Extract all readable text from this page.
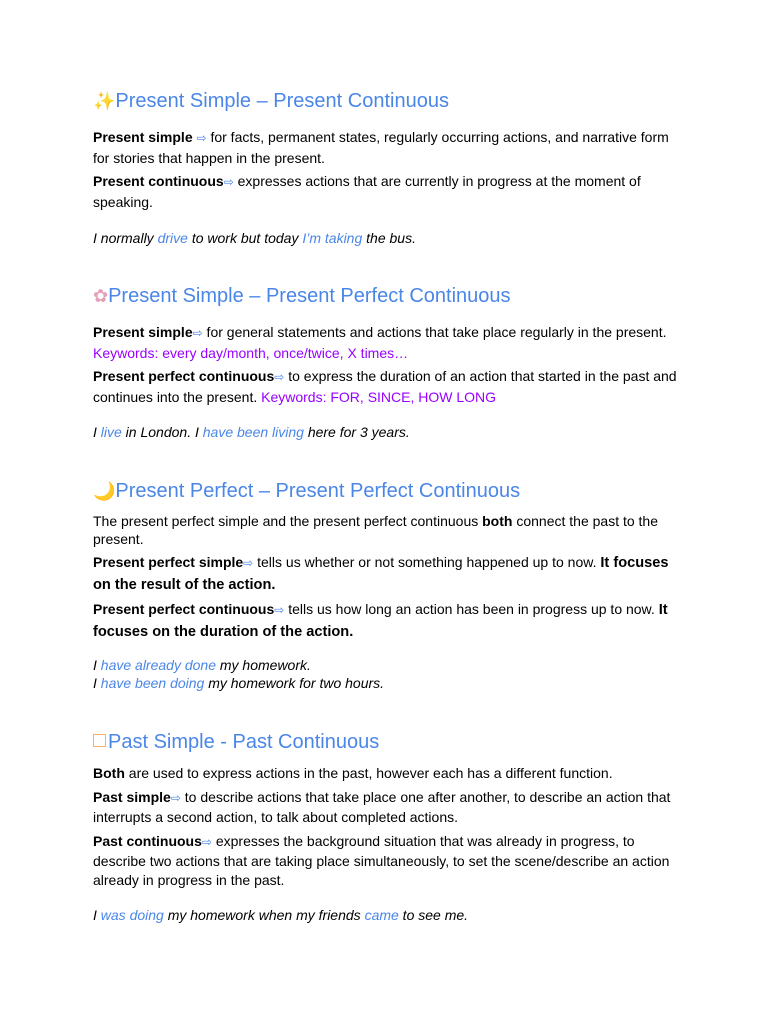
✨Present Simple – Present Continuous

Present simple ⇨ for facts, permanent states, regularly occurring actions, and narrative form for stories that happen in the present.

Present continuous⇨ expresses actions that are currently in progress at the moment of speaking.

I normally drive to work but today I’m taking the bus.

✿Present Simple – Present Perfect Continuous

Present simple⇨ for general statements and actions that take place regularly in the present. Keywords: every day/month, once/twice, X times…

Present perfect continuous⇨ to express the duration of an action that started in the past and continues into the present. Keywords: FOR, SINCE, HOW LONG

I live in London. I have been living here for 3 years.

🌙Present Perfect – Present Perfect Continuous

The present perfect simple and the present perfect continuous both connect the past to the present.

Present perfect simple⇨ tells us whether or not something happened up to now. It focuses on the result of the action.

Present perfect continuous⇨ tells us how long an action has been in progress up to now. It focuses on the duration of the action.

I have already done my homework.

I have been doing my homework for two hours.

Past Simple - Past Continuous

Both are used to express actions in the past, however each has a different function.

Past simple⇨ to describe actions that take place one after another, to describe an action that interrupts a second action, to talk about completed actions.

Past continuous⇨ expresses the background situation that was already in progress, to describe two actions that are taking place simultaneously, to set the scene/describe an action already in progress in the past.

I was doing my homework when my friends came to see me.
